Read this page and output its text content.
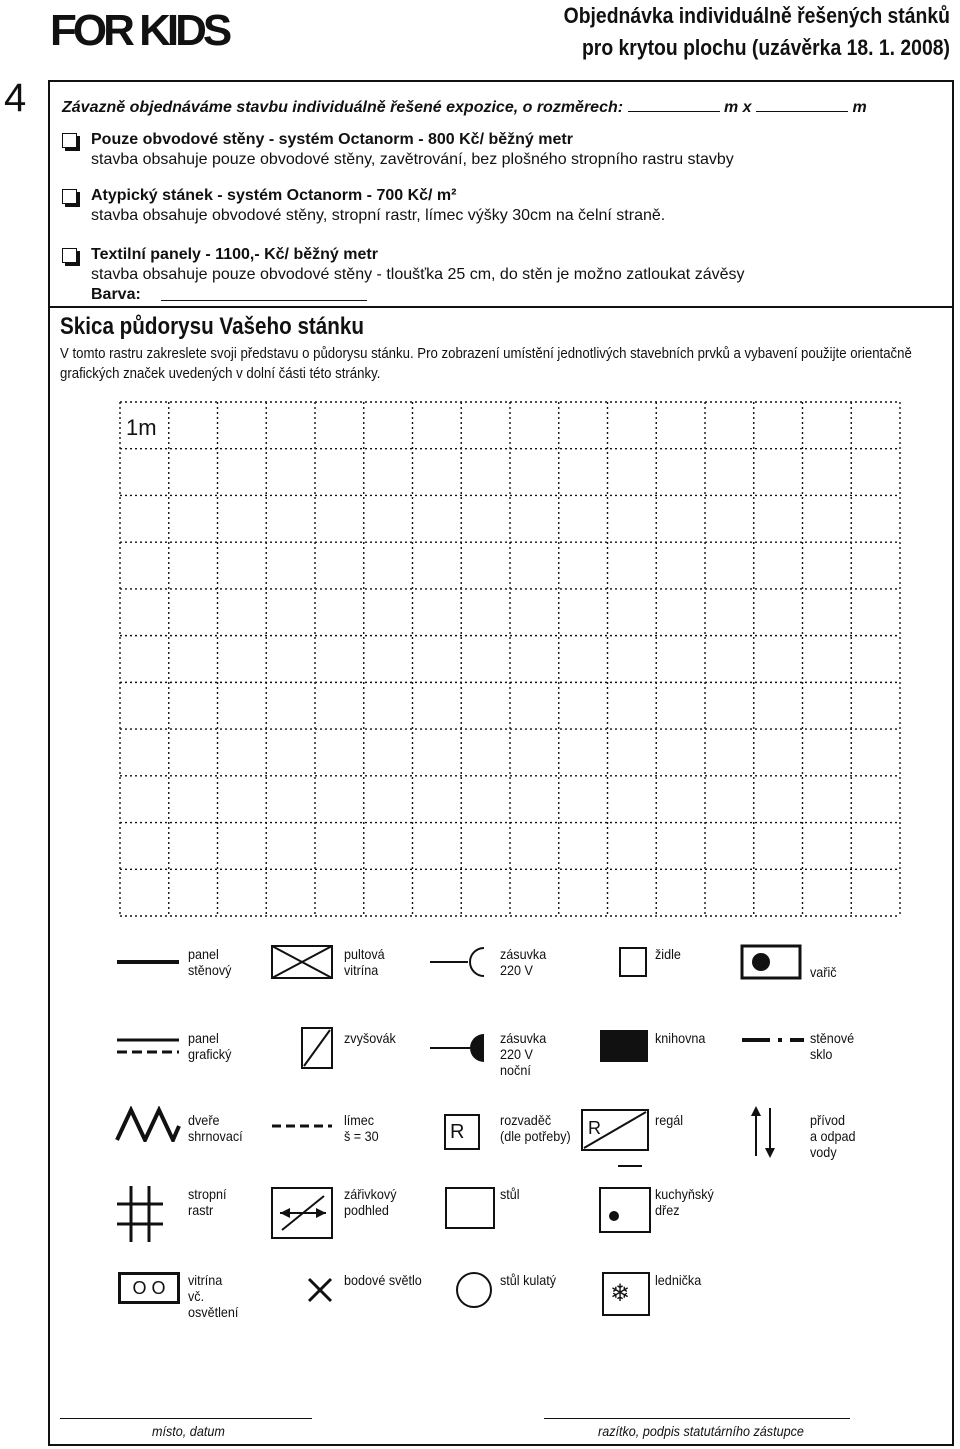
FOR KIDS	Objednávka individuálně řešených stánků
pro krytou plochu (uzávěrka 18. 1. 2008)
4 Závazně objednáváme stavbu individuálně řešené expozice, o rozměrech:	m x	m
Pouze obvodové stěny - systém Octanorm - 800 Kč/ běžný metr
stavba obsahuje pouze obvodové stěny, zavětrování, bez plošného stropního rastru stavby
Atypický stánek - systém Octanorm - 700 Kč/ m²
stavba obsahuje obvodové stěny, stropní rastr, límec výšky 30cm na čelní straně.
Textilní panely - 1100,- Kč/ běžný metr
stavba obsahuje pouze obvodové stěny - tloušťka 25 cm, do stěn je možno zatloukat závěsy
Barva:
Skica půdorysu Vašeho stánku
V tomto rastru zakreslete svoji představu o půdorysu stánku. Pro zobrazení umístění jednotlivých stavebních prvků a vybavení použijte orientačně grafických značek uvedených v dolní části této stránky.
1m
panel
stěnový
pultová
vitrína
zásuvka
220 V
židle
vařič
panel
grafický
zvyšovák	zásuvka
220 V
noční
knihovna	stěnové
sklo
dveře
shrnovací
límec
š = 30	R
rozvaděč
(dle potřeby) R	regál	přívod
a odpad
vody
stropní
rastr
zářivkový
podhled
stůl	kuchyňský
dřez
O O	vitrína
vč.
osvětlení
bodové světlo	stůl kulatý	❄	lednička
místo, datum	razítko, podpis statutárního zástupce
